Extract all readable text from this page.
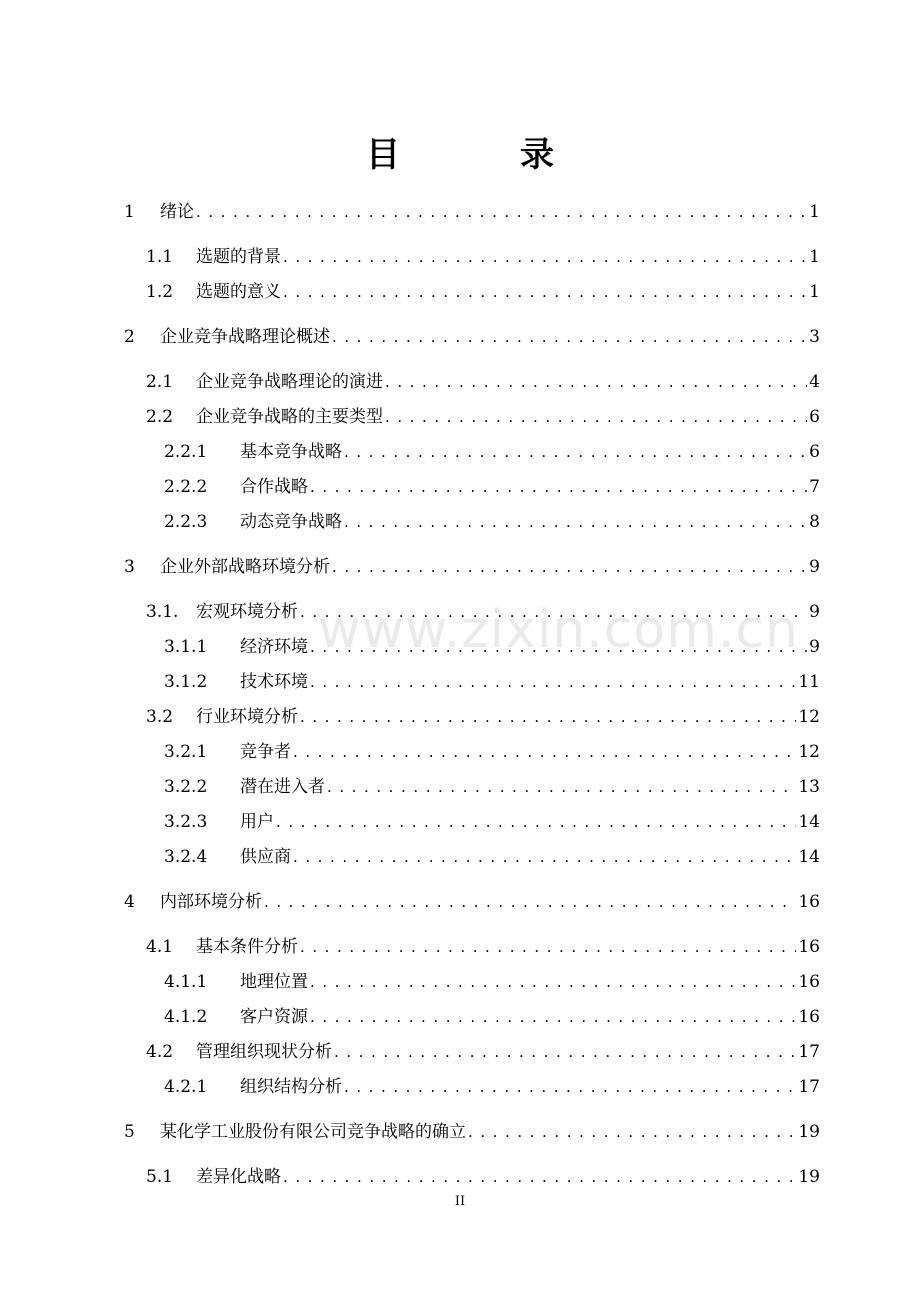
目	录
1	绪论 . . .	1
1.1	选题的背景 . . .	1
1.2	选题的意义 . . .	1
2	企业竞争战略理论概述 . . .	3
2.1	企业竞争战略理论的演进 . . .	4
2.2	企业竞争战略的主要类型 . . .	6
2.2.1	基本竞争战略 . . .	6
2.2.2	合作战略 . . .	7
2.2.3	动态竞争战略 . . .	8
3	企业外部战略环境分析 . . .	9
3.1.	宏观环境分析 . . .	9
3.1.1	经济环境 . . .	9
3.1.2	技术环境 . . .	11
3.2	行业环境分析 . . .	12
3.2.1	竞争者 . . .	12
3.2.2	潜在进入者 . . .	13
3.2.3	用户 . . .	14
3.2.4	供应商 . . .	14
4	内部环境分析 . . .	16
4.1	基本条件分析 . . .	16
4.1.1	地理位置 . . .	16
4.1.2	客户资源 . . .	16
4.2	管理组织现状分析 . . .	17
4.2.1	组织结构分析 . . .	17
5	某化学工业股份有限公司竞争战略的确立 . . .	19
5.1	差异化战略 . . .	19
www.zixin.com.cn
II
